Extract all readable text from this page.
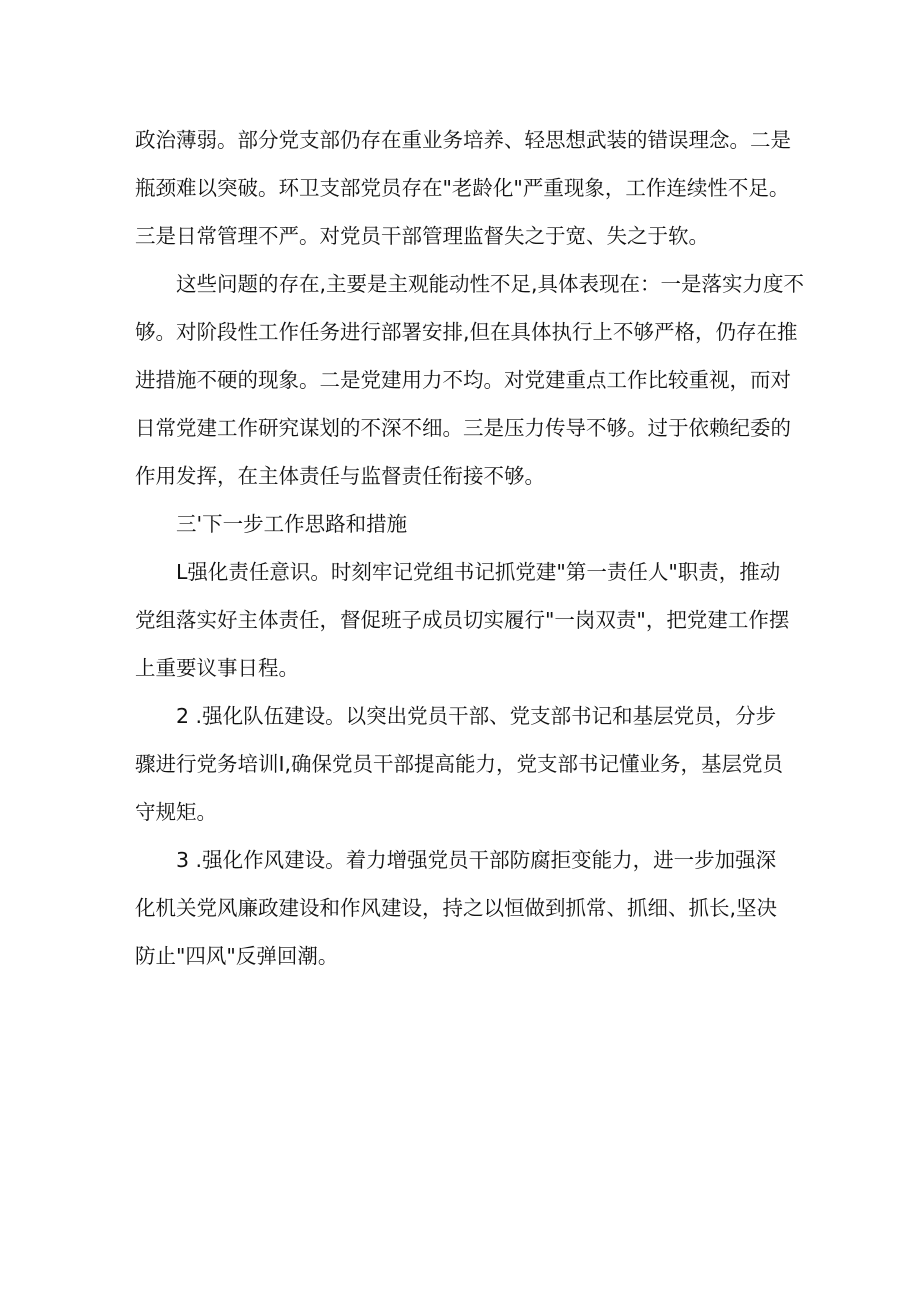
政治薄弱。部分党支部仍存在重业务培养、轻思想武装的错误理念。二是
瓶颈难以突破。环卫支部党员存在"老龄化"严重现象，工作连续性不足。
三是日常管理不严。对党员干部管理监督失之于宽、失之于软。
这些问题的存在,主要是主观能动性不足,具体表现在：一是落实力度不
够。对阶段性工作任务进行部署安排,但在具体执行上不够严格，仍存在推
进措施不硬的现象。二是党建用力不均。对党建重点工作比较重视，而对
日常党建工作研究谋划的不深不细。三是压力传导不够。过于依赖纪委的
作用发挥，在主体责任与监督责任衔接不够。
三'下一步工作思路和措施
L强化责任意识。时刻牢记党组书记抓党建"第一责任人"职责，推动
党组落实好主体责任，督促班子成员切实履行"一岗双责"，把党建工作摆
上重要议事日程。
2 .强化队伍建设。以突出党员干部、党支部书记和基层党员，分步
骤进行党务培训I,确保党员干部提高能力，党支部书记懂业务，基层党员
守规矩。
3 .强化作风建设。着力增强党员干部防腐拒变能力，进一步加强深
化机关党风廉政建设和作风建设，持之以恒做到抓常、抓细、抓长,坚决
防止"四风"反弹回潮。
